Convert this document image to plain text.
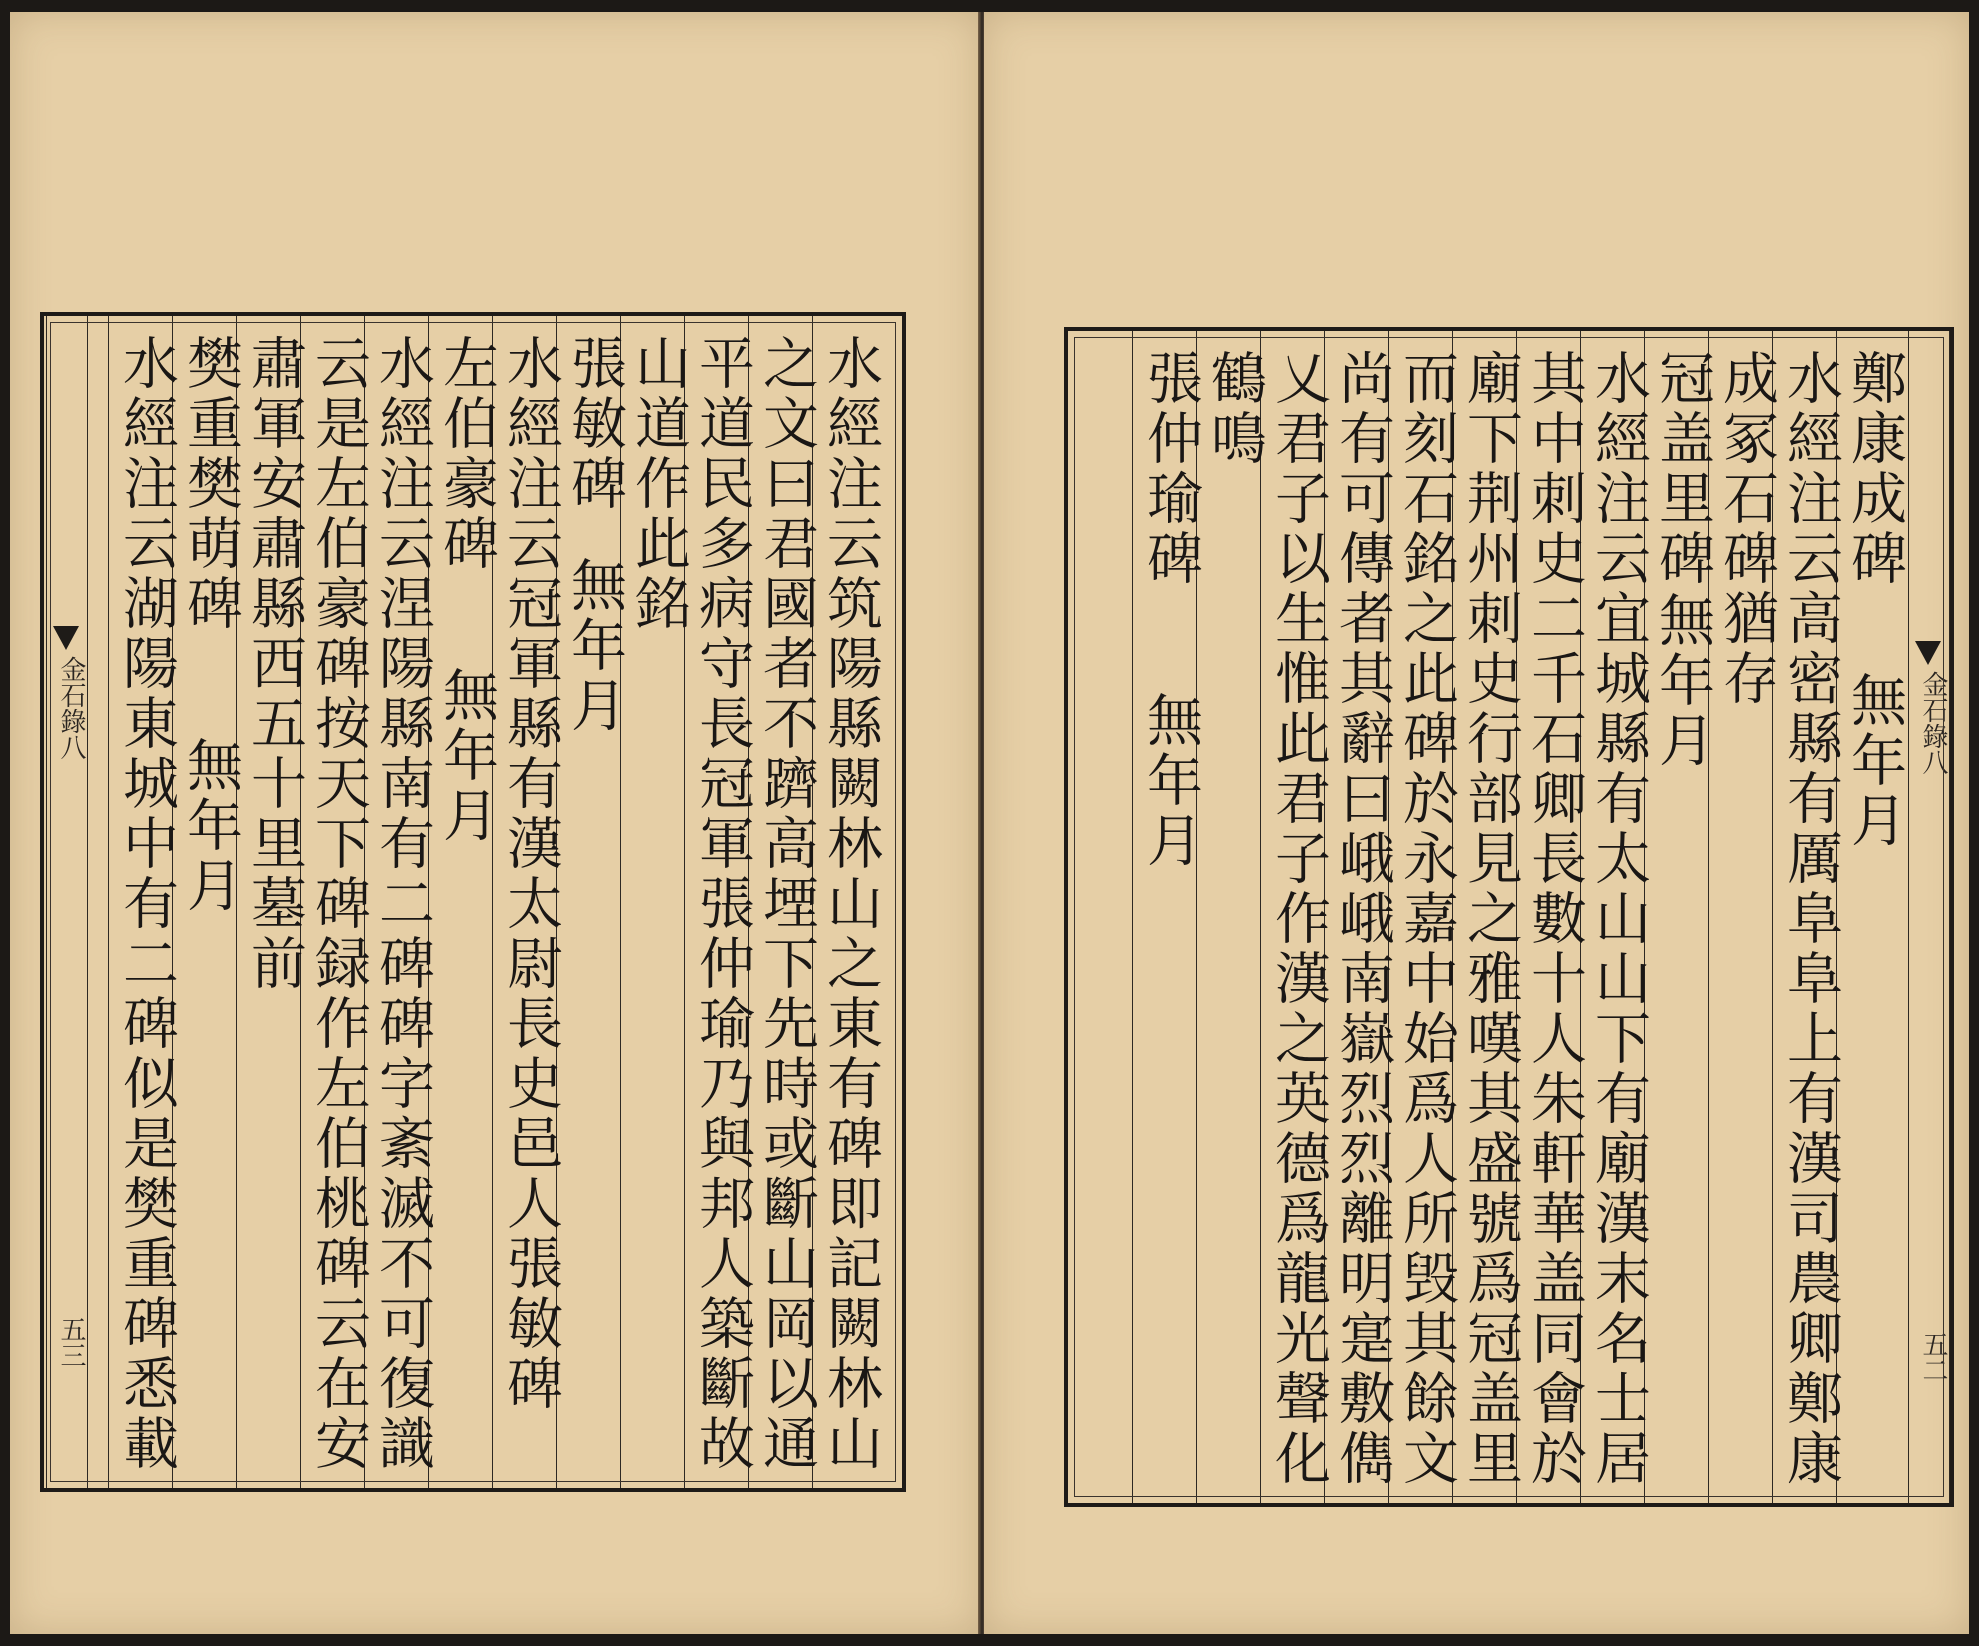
水經注云筑陽縣闕林山之東有碑即記闕林山
之文曰君國者不躋高堙下先時或斷山岡以通
平道民多病守長冠軍張仲瑜乃與邦人築斷故
山道作此銘
張敏碑
無年月
水經注云冠軍縣有漢太尉長史邑人張敏碑
左伯豪碑
無年月
水經注云涅陽縣南有二碑碑字紊滅不可復識
云是左伯豪碑按天下碑録作左伯桃碑云在安
肅軍安肅縣西五十里墓前
樊重樊萌碑
無年月
水經注云湖陽東城中有二碑似是樊重碑悉載
金石錄八
五三
鄭康成碑
無年月
水經注云高密縣有厲阜阜上有漢司農卿鄭康
成冢石碑猶存
冠盖里碑
無年月
水經注云宜城縣有太山山下有廟漢末名士居
其中刺史二千石卿長數十人朱軒華盖同會於
廟下荆州刺史行部見之雅嘆其盛號爲冠盖里
而刻石銘之此碑於永嘉中始爲人所毁其餘文
尚有可傳者其辭曰峨峨南嶽烈烈離明寔敷儁
乂君子以生惟此君子作漢之英德爲龍光聲化
鶴鳴
張仲瑜碑
無年月	金石錄八
五二
